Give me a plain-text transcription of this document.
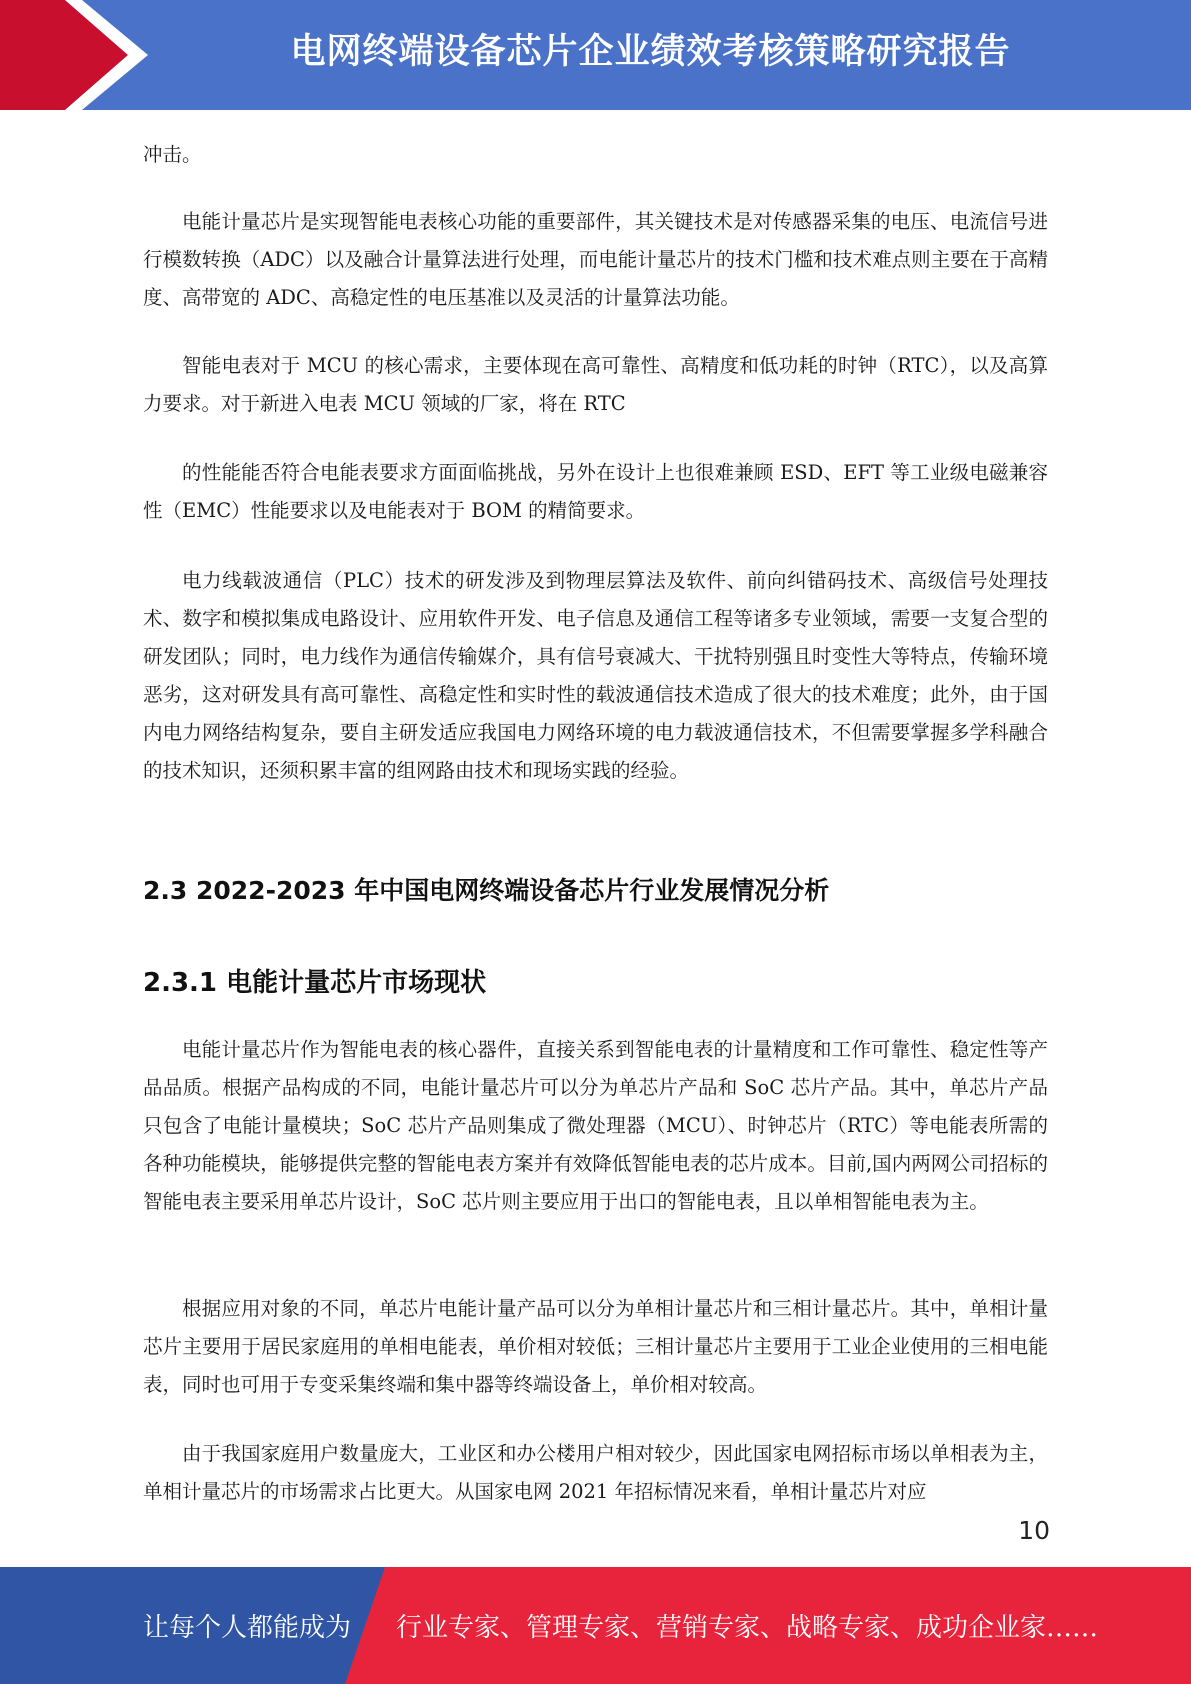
电网终端设备芯片企业绩效考核策略研究报告

冲击。

电能计量芯片是实现智能电表核心功能的重要部件，其关键技术是对传感器采集的电压、电流信号进行模数转换（ADC）以及融合计量算法进行处理，而电能计量芯片的技术门槛和技术难点则主要在于高精度、高带宽的 ADC、高稳定性的电压基准以及灵活的计量算法功能。

智能电表对于 MCU 的核心需求，主要体现在高可靠性、高精度和低功耗的时钟（RTC），以及高算力要求。对于新进入电表 MCU 领域的厂家，将在 RTC

的性能能否符合电能表要求方面面临挑战，另外在设计上也很难兼顾 ESD、EFT 等工业级电磁兼容性（EMC）性能要求以及电能表对于 BOM 的精简要求。

电力线载波通信（PLC）技术的研发涉及到物理层算法及软件、前向纠错码技术、高级信号处理技术、数字和模拟集成电路设计、应用软件开发、电子信息及通信工程等诸多专业领域，需要一支复合型的研发团队；同时，电力线作为通信传输媒介，具有信号衰减大、干扰特别强且时变性大等特点，传输环境恶劣，这对研发具有高可靠性、高稳定性和实时性的载波通信技术造成了很大的技术难度；此外，由于国内电力网络结构复杂，要自主研发适应我国电力网络环境的电力载波通信技术，不但需要掌握多学科融合的技术知识，还须积累丰富的组网路由技术和现场实践的经验。

2.3 2022-2023 年中国电网终端设备芯片行业发展情况分析
2.3.1 电能计量芯片市场现状

电能计量芯片作为智能电表的核心器件，直接关系到智能电表的计量精度和工作可靠性、稳定性等产品品质。根据产品构成的不同，电能计量芯片可以分为单芯片产品和 SoC 芯片产品。其中，单芯片产品只包含了电能计量模块；SoC 芯片产品则集成了微处理器（MCU）、时钟芯片（RTC）等电能表所需的各种功能模块，能够提供完整的智能电表方案并有效降低智能电表的芯片成本。目前,国内两网公司招标的智能电表主要采用单芯片设计，SoC 芯片则主要应用于出口的智能电表，且以单相智能电表为主。

根据应用对象的不同，单芯片电能计量产品可以分为单相计量芯片和三相计量芯片。其中，单相计量芯片主要用于居民家庭用的单相电能表，单价相对较低；三相计量芯片主要用于工业企业使用的三相电能表，同时也可用于专变采集终端和集中器等终端设备上，单价相对较高。

由于我国家庭用户数量庞大，工业区和办公楼用户相对较少，因此国家电网招标市场以单相表为主，单相计量芯片的市场需求占比更大。从国家电网 2021 年招标情况来看，单相计量芯片对应

10
让每个人都能成为 行业专家、管理专家、营销专家、战略专家、成功企业家……
